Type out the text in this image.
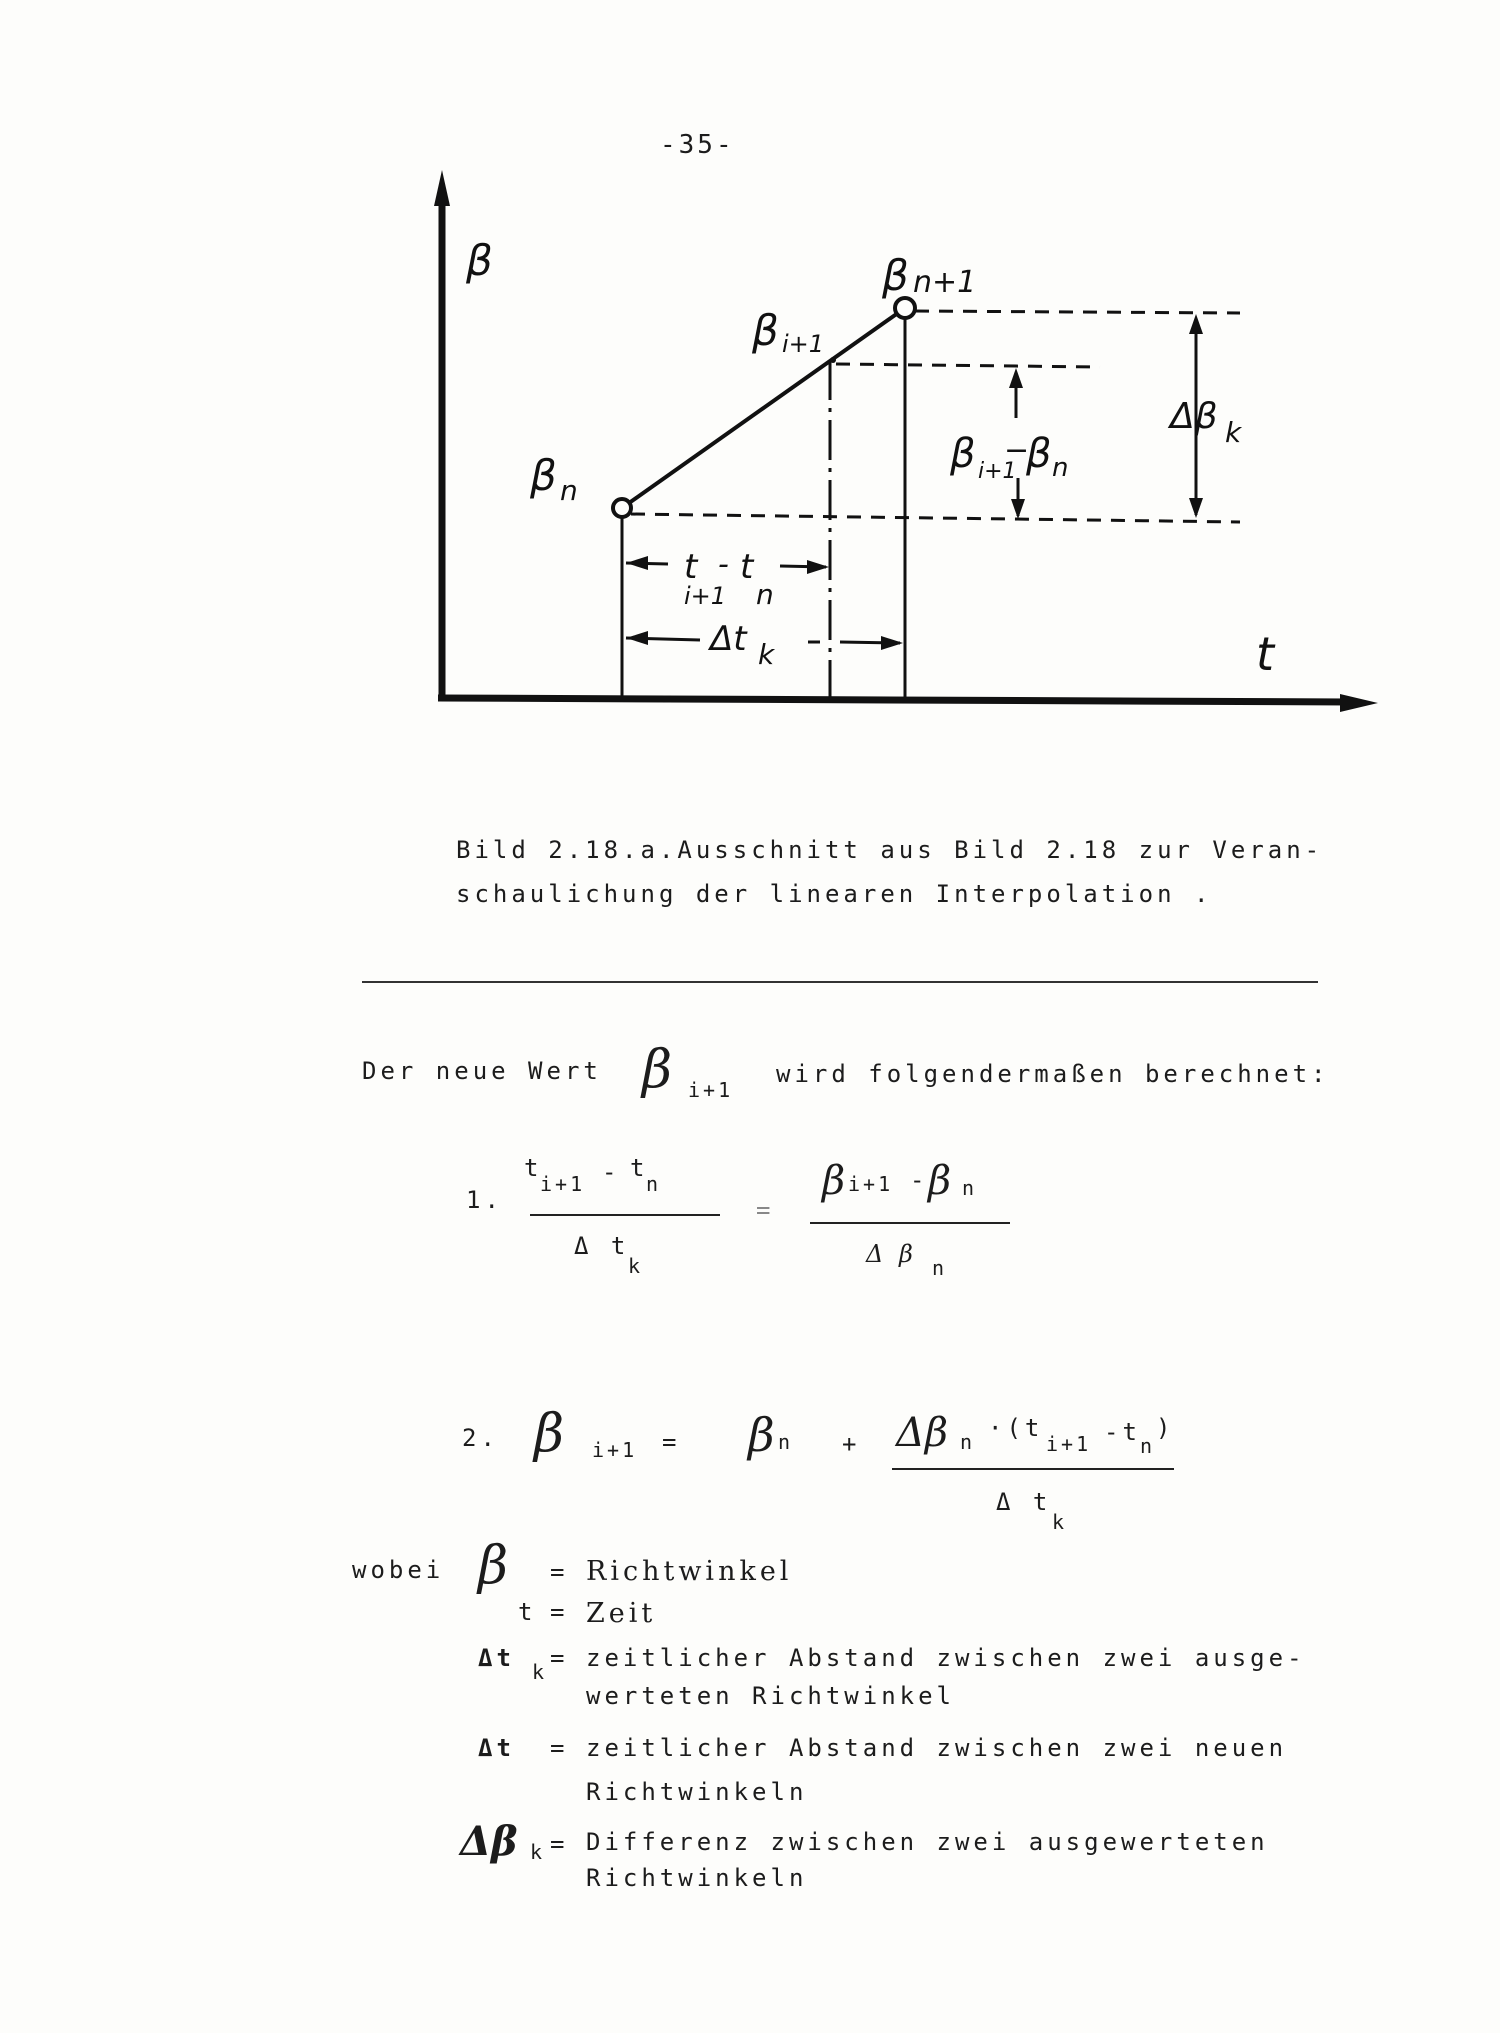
-35-
β
t
β n
β i+1
β n+1
Δβ k
β i+1
−
β n
t
i+1
- t
n
Δt k
Bild 2.18.a.Ausschnitt aus Bild 2.18 zur Veran-
schaulichung der linearen Interpolation .
Der neue Wert β i+1
wird folgendermaßen berechnet:
1.
t
i+1 - t
n
Δ t
k
=
β i+1 - β n
Δ β n
2. β i+1 = β n + Δβ n ·(t
i+1 -t n
)
Δ t
k
wobei β = Richtwinkel
t = Zeit
Δt k = zeitlicher Abstand zwischen zwei ausge-
werteten Richtwinkel
Δt = zeitlicher Abstand zwischen zwei neuen
Richtwinkeln
Δβ k = Differenz zwischen zwei ausgewerteten
Richtwinkeln
